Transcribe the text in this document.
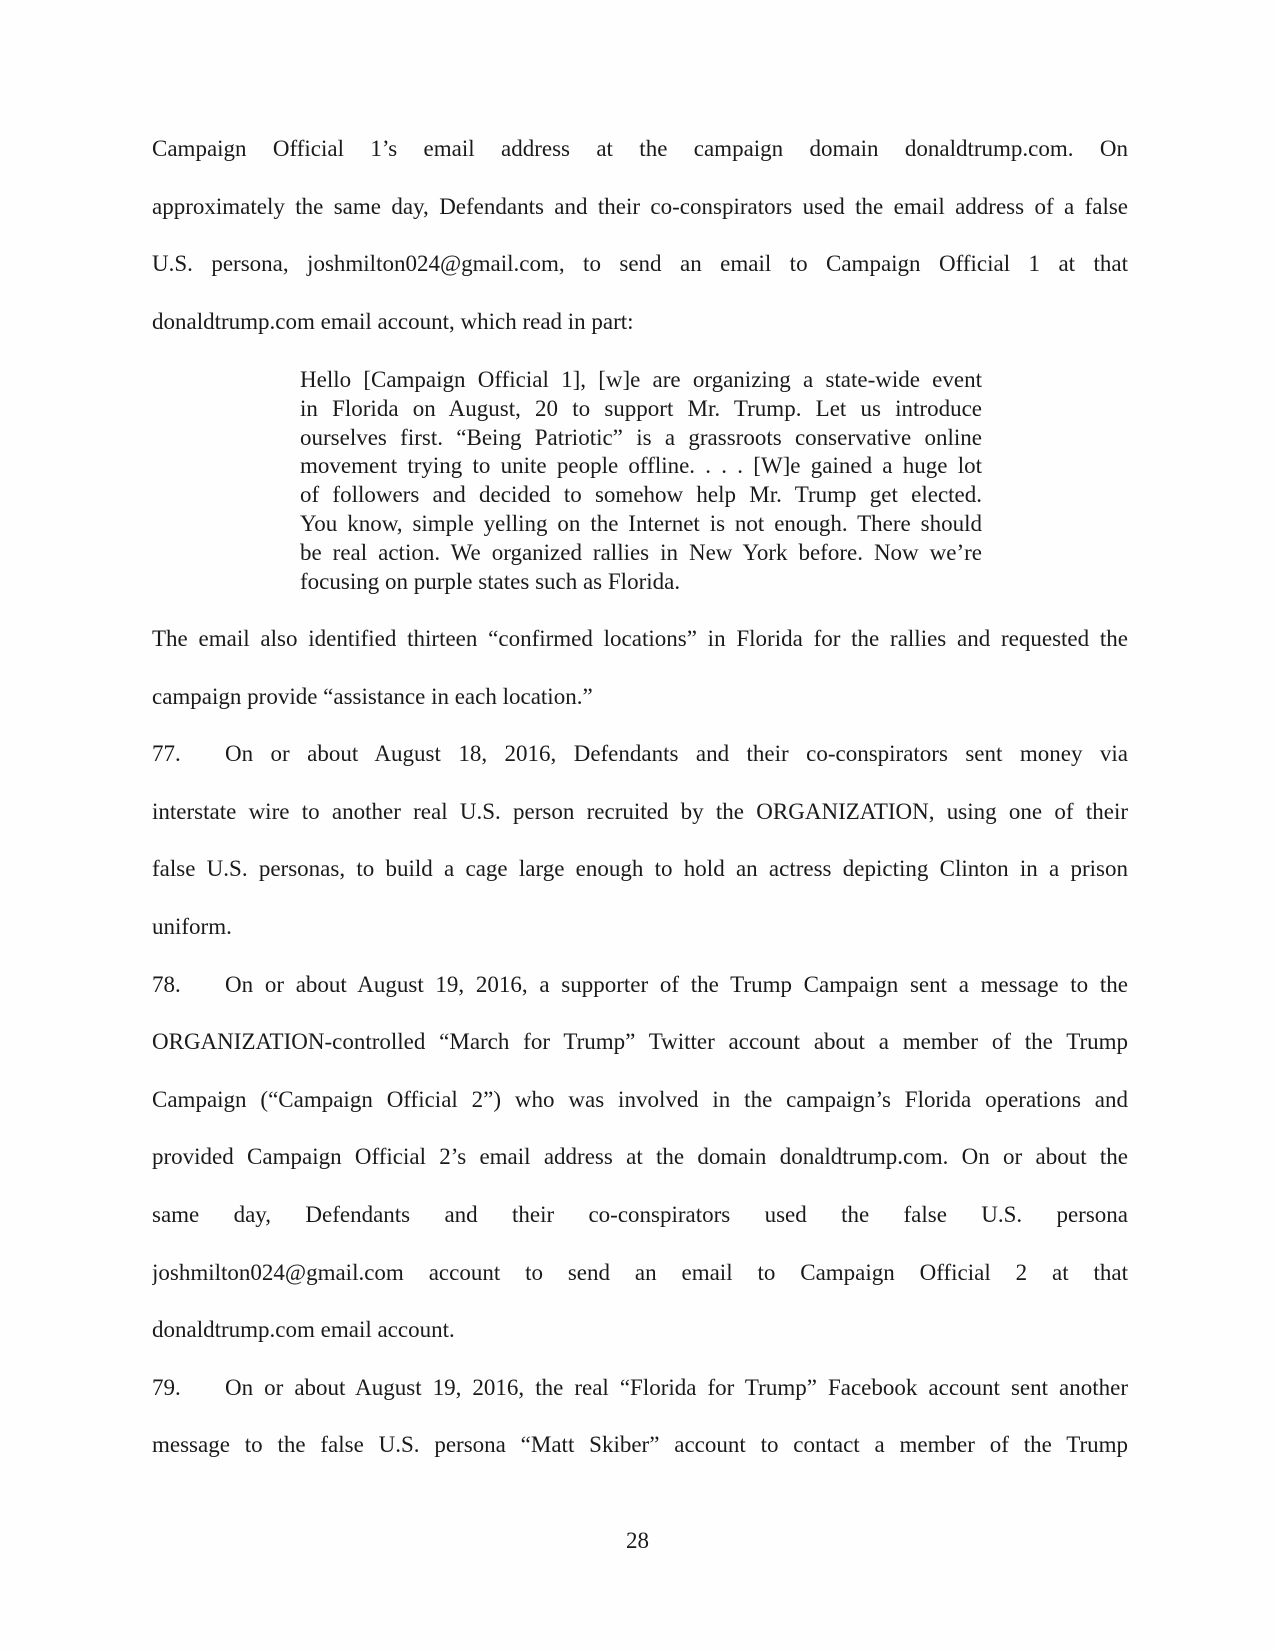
Campaign Official 1’s email address at the campaign domain donaldtrump.com. On
approximately the same day, Defendants and their co-conspirators used the email address of a false
U.S. persona, joshmilton024@gmail.com, to send an email to Campaign Official 1 at that
donaldtrump.com email account, which read in part:
Hello [Campaign Official 1], [w]e are organizing a state-wide event
in Florida on August, 20 to support Mr. Trump. Let us introduce
ourselves first. “Being Patriotic” is a grassroots conservative online
movement trying to unite people offline. . . . [W]e gained a huge lot
of followers and decided to somehow help Mr. Trump get elected.
You know, simple yelling on the Internet is not enough. There should
be real action. We organized rallies in New York before. Now we’re
focusing on purple states such as Florida.
The email also identified thirteen “confirmed locations” in Florida for the rallies and requested the
campaign provide “assistance in each location.”
77.	On or about August 18, 2016, Defendants and their co-conspirators sent money via
interstate wire to another real U.S. person recruited by the ORGANIZATION, using one of their
false U.S. personas, to build a cage large enough to hold an actress depicting Clinton in a prison
uniform.
78.	On or about August 19, 2016, a supporter of the Trump Campaign sent a message to the
ORGANIZATION-controlled “March for Trump” Twitter account about a member of the Trump
Campaign (“Campaign Official 2”) who was involved in the campaign’s Florida operations and
provided Campaign Official 2’s email address at the domain donaldtrump.com. On or about the
same day, Defendants and their co-conspirators used the false U.S. persona
joshmilton024@gmail.com account to send an email to Campaign Official 2 at that
donaldtrump.com email account.
79.	On or about August 19, 2016, the real “Florida for Trump” Facebook account sent another
message to the false U.S. persona “Matt Skiber” account to contact a member of the Trump
28
